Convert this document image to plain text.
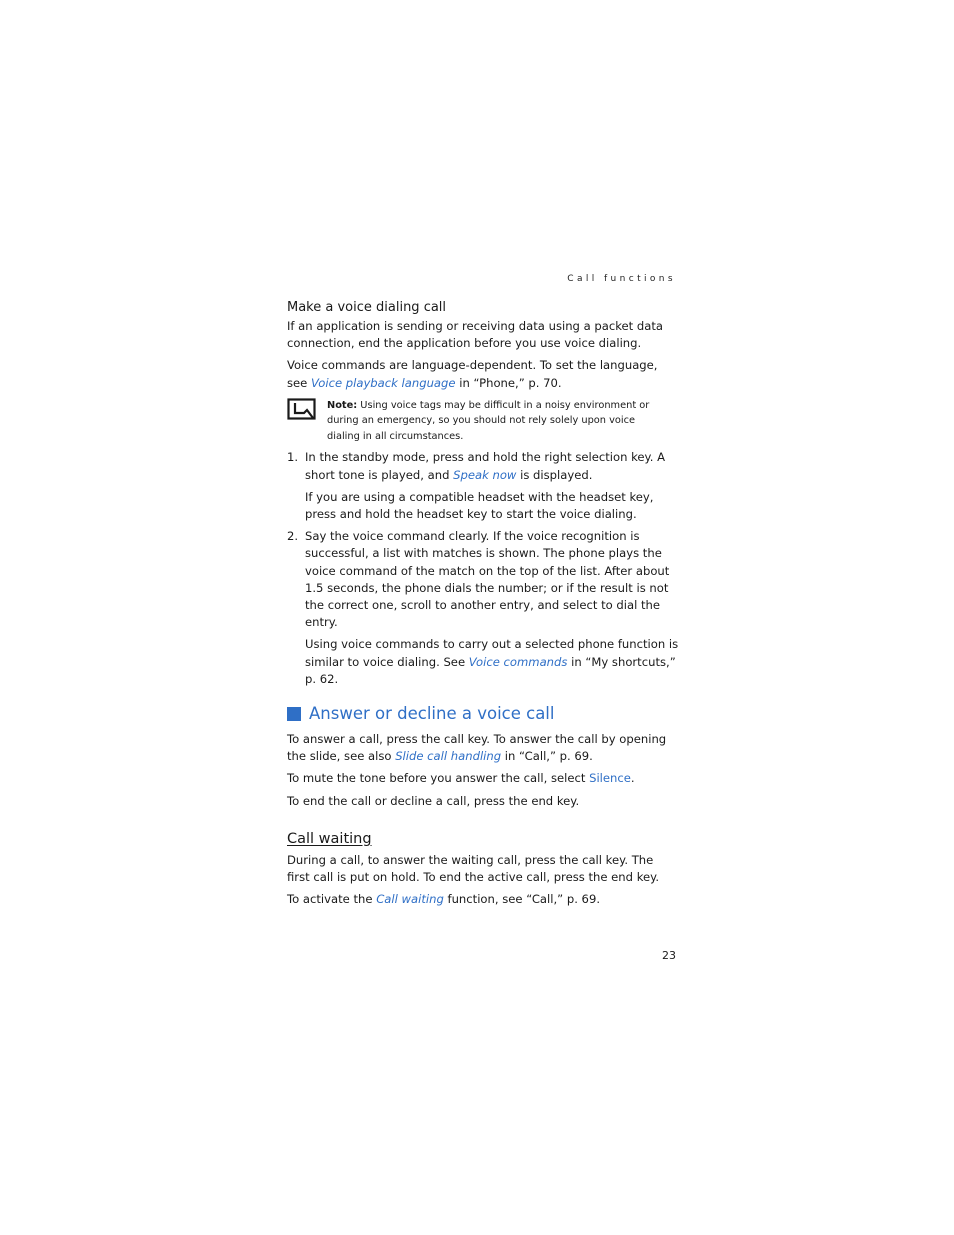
Call functions
Make a voice dialing call

If an application is sending or receiving data using a packet data connection, end the application before you use voice dialing.

Voice commands are language-dependent. To set the language, see Voice playback language in “Phone,” p. 70.

Note: Using voice tags may be difficult in a noisy environment or during an emergency, so you should not rely solely upon voice dialing in all circumstances.
1. In the standby mode, press and hold the right selection key. A short tone is played, and Speak now is displayed.

If you are using a compatible headset with the headset key, press and hold the headset key to start the voice dialing.

2. Say the voice command clearly. If the voice recognition is successful, a list with matches is shown. The phone plays the voice command of the match on the top of the list. After about 1.5 seconds, the phone dials the number; or if the result is not the correct one, scroll to another entry, and select to dial the entry.

Using voice commands to carry out a selected phone function is similar to voice dialing. See Voice commands in “My shortcuts,” p. 62.

Answer or decline a voice call

To answer a call, press the call key. To answer the call by opening the slide, see also Slide call handling in “Call,” p. 69.

To mute the tone before you answer the call, select Silence.

To end the call or decline a call, press the end key.

Call waiting

During a call, to answer the waiting call, press the call key. The first call is put on hold. To end the active call, press the end key.

To activate the Call waiting function, see “Call,” p. 69.

23
